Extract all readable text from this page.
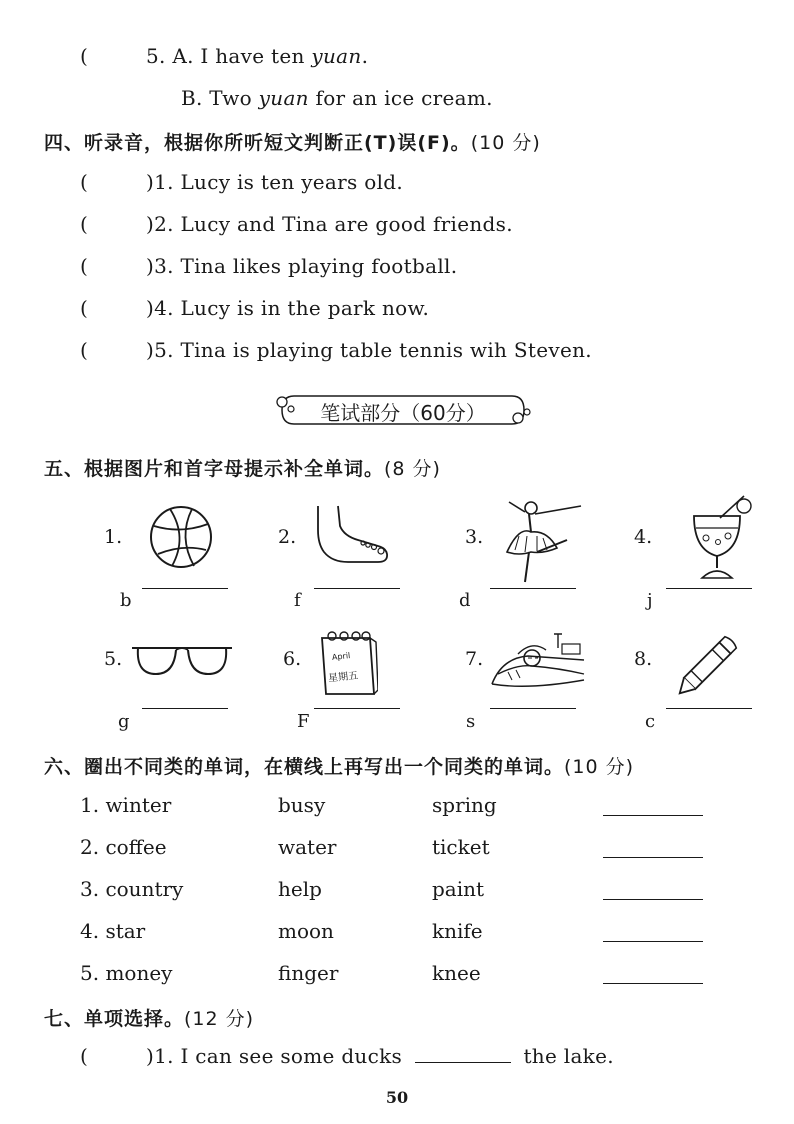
(	5. A. I have ten yuan.
B. Two yuan for an ice cream.
四、听录音，根据你所听短文判断正(T)误(F)。(10 分)
(	)1. Lucy is ten years old.
(	)2. Lucy and Tina are good friends.
(	)3. Tina likes playing football.
(	)4. Lucy is in the park now.
(	)5. Tina is playing table tennis wih Steven.
笔试部分（60分）
五、根据图片和首字母提示补全单词。(8 分)
1.	2.	3.	4.
5.	6.	7.	8.
April
星期五
b	f	d	j
g	F	s	c
六、圈出不同类的单词，在横线上再写出一个同类的单词。(10 分)
1. winter	busy	spring
2. coffee	water	ticket
3. country	help	paint
4. star	moon	knife
5. money	finger	knee
七、单项选择。(12 分)
(	)1. I can see some ducks	the lake.
50
